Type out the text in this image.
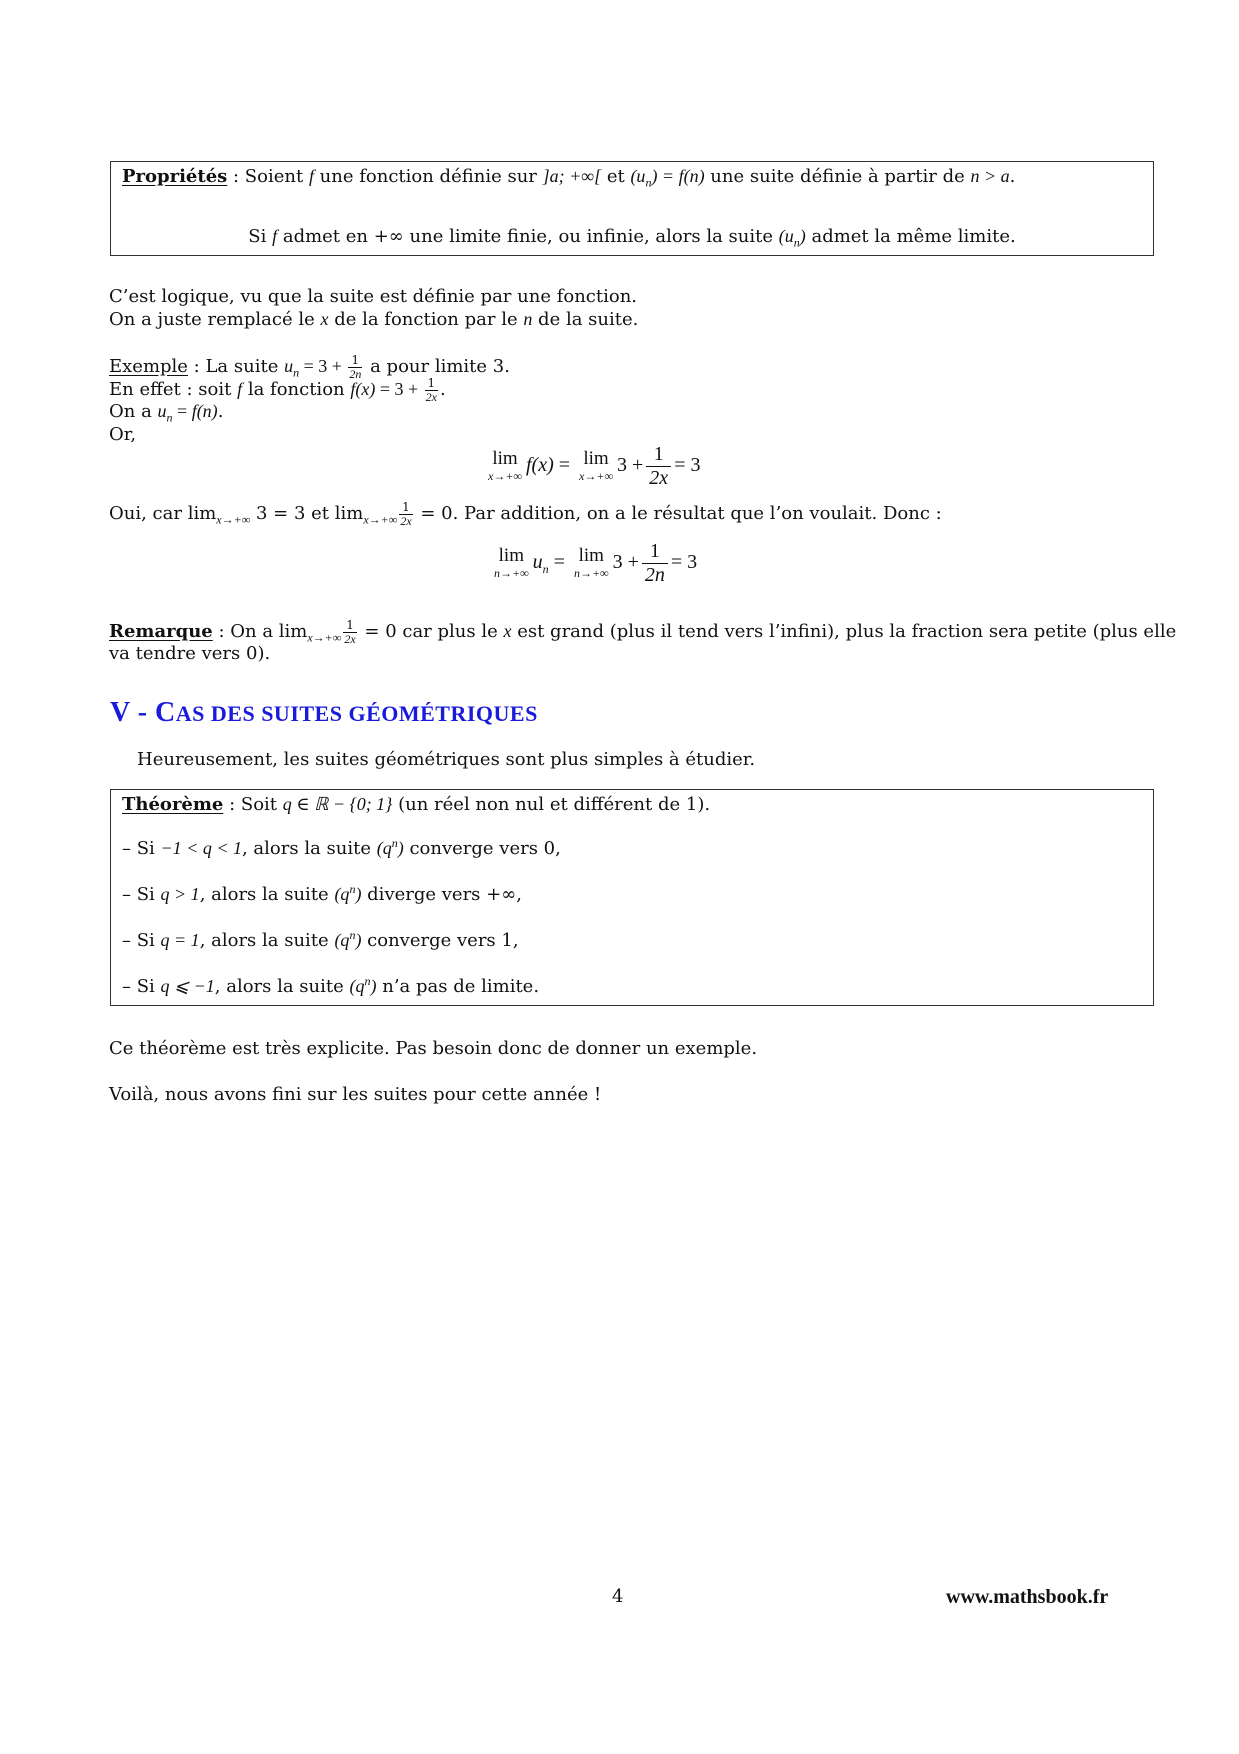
Propriétés : Soient f une fonction définie sur ]a; +∞[ et $(u_n) = f(n)$ une suite définie à partir de n > a.
Si f admet en +∞ une limite finie, ou infinie, alors la suite $(u_n)$ admet la même limite.
C’est logique, vu que la suite est définie par une fonction.
On a juste remplacé le x de la fonction par le n de la suite.
Exemple : La suite $u_n = 3 + \frac{1}{2n}$ a pour limite 3.
En effet : soit f la fonction $f(x) = 3 + \frac{1}{2x}$ .
On a $u_n = f(n)$.
Or,
lim
x→+∞
f(x) = lim
x→+∞
$3 + \frac{1}{2x} = 3$
Oui, car $\lim_{x\to+\infty} 3 = 3$ et $\lim_{x\to+\infty} \frac{1}{2x} = 0$. Par addition, on a le résultat que l’on voulait. Donc :
lim
n→+∞
$u_n = \lim$
n→+∞
$3 + \frac{1}{2n} = 3$
Remarque : On a $\lim_{x\to+\infty} \frac{1}{2x} = 0$ car plus le x est grand (plus il tend vers l’infini), plus la fraction sera petite (plus elle
va tendre vers 0).
V - CAS DES SUITES GÉOMÉTRIQUES
Heureusement, les suites géométriques sont plus simples à étudier.
Théorème : Soit q ∈ ℝ − {0; 1} (un réel non nul et différent de 1).
– Si −1 < q < 1, alors la suite $(q^n)$ converge vers 0,
– Si q > 1, alors la suite $(q^n)$ diverge vers +∞,
– Si q = 1, alors la suite $(q^n)$ converge vers 1,
– Si q ⩽ −1, alors la suite $(q^n)$ n’a pas de limite.
Ce théorème est très explicite. Pas besoin donc de donner un exemple.
Voilà, nous avons fini sur les suites pour cette année !
4	www.mathsbook.fr
